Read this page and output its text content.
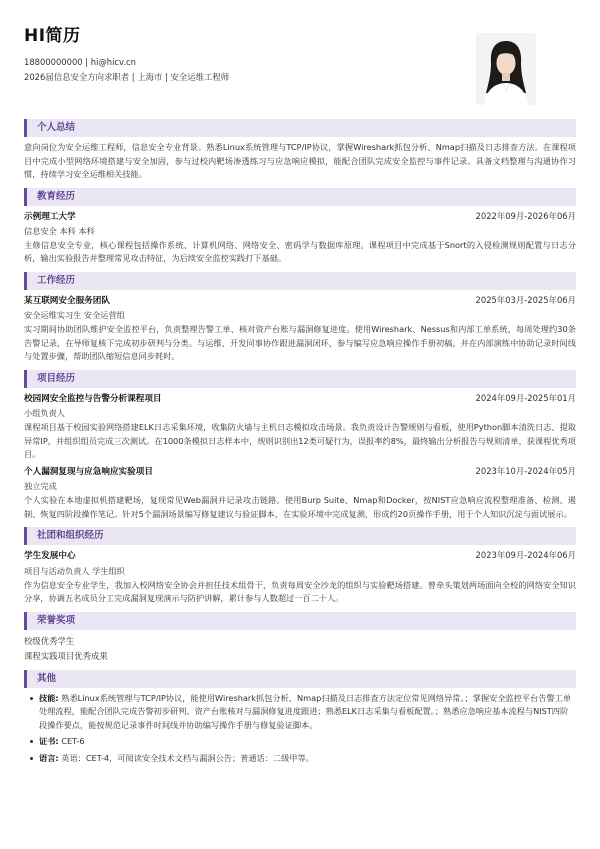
HI简历
18800000000 | hi@hicv.cn
2026届信息安全方向求职者 | 上海市 | 安全运维工程师
个人总结
意向岗位为安全运维工程师，信息安全专业背景。熟悉Linux系统管理与TCP/IP协议，掌握Wireshark抓包分析、Nmap扫描及日志排查方法。在课程项目中完成小型网络环境搭建与安全加固，参与过校内靶场渗透练习与应急响应模拟，能配合团队完成安全监控与事件记录。具备文档整理与沟通协作习惯，持续学习安全运维相关技能。
教育经历
示例理工大学	2022年09月-2026年06月
信息安全 本科 本科
主修信息安全专业，核心课程包括操作系统、计算机网络、网络安全、密码学与数据库原理。课程项目中完成基于Snort的入侵检测规则配置与日志分析，输出实验报告并整理常见攻击特征，为后续安全监控实践打下基础。
工作经历
某互联网安全服务团队	2025年03月-2025年06月
安全运维实习生 安全运营组
实习期间协助团队维护安全监控平台，负责整理告警工单、核对资产台账与漏洞修复进度。使用Wireshark、Nessus和内部工单系统，每周处理约30条告警记录，在导师复核下完成初步研判与分类。与运维、开发同事协作跟进漏洞闭环，参与编写应急响应操作手册初稿，并在内部演练中协助记录时间线与处置步骤，帮助团队缩短信息同步耗时。
项目经历
校园网安全监控与告警分析课程项目	2024年09月-2025年01月
小组负责人
课程项目基于校园实验网络搭建ELK日志采集环境，收集防火墙与主机日志模拟攻击场景。我负责设计告警规则与看板，使用Python脚本清洗日志、提取异常IP，并组织组员完成三次测试。在1000条模拟日志样本中，规则识别出12类可疑行为，误报率约8%，最终输出分析报告与规则清单，获课程优秀项目。
个人漏洞复现与应急响应实验项目	2023年10月-2024年05月
独立完成
个人实验在本地虚拟机搭建靶场，复现常见Web漏洞并记录攻击链路。使用Burp Suite、Nmap和Docker，按NIST应急响应流程整理准备、检测、遏制、恢复四阶段操作笔记。针对5个漏洞场景编写修复建议与验证脚本，在实验环境中完成复测，形成约20页操作手册，用于个人知识沉淀与面试展示。
社团和组织经历
学生发展中心	2023年09月-2024年06月
项目与活动负责人 学生组织
作为信息安全专业学生，我加入校网络安全协会并担任技术组骨干，负责每周安全沙龙的组织与实验靶场搭建。曾牵头策划两场面向全校的网络安全知识分享，协调五名成员分工完成漏洞复现演示与防护讲解，累计参与人数超过一百二十人。
荣誉奖项
校级优秀学生
课程实践项目优秀成果
其他
技能: 熟悉Linux系统管理与TCP/IP协议，能使用Wireshark抓包分析、Nmap扫描及日志排查方法定位常见网络异常。；掌握安全监控平台告警工单处理流程，能配合团队完成告警初步研判、资产台账核对与漏洞修复进度跟进；熟悉ELK日志采集与看板配置。；熟悉应急响应基本流程与NIST四阶段操作要点，能按规范记录事件时间线并协助编写操作手册与修复验证脚本。
证书: CET-6
语言: 英语：CET-4，可阅读安全技术文档与漏洞公告；普通话：二级甲等。
